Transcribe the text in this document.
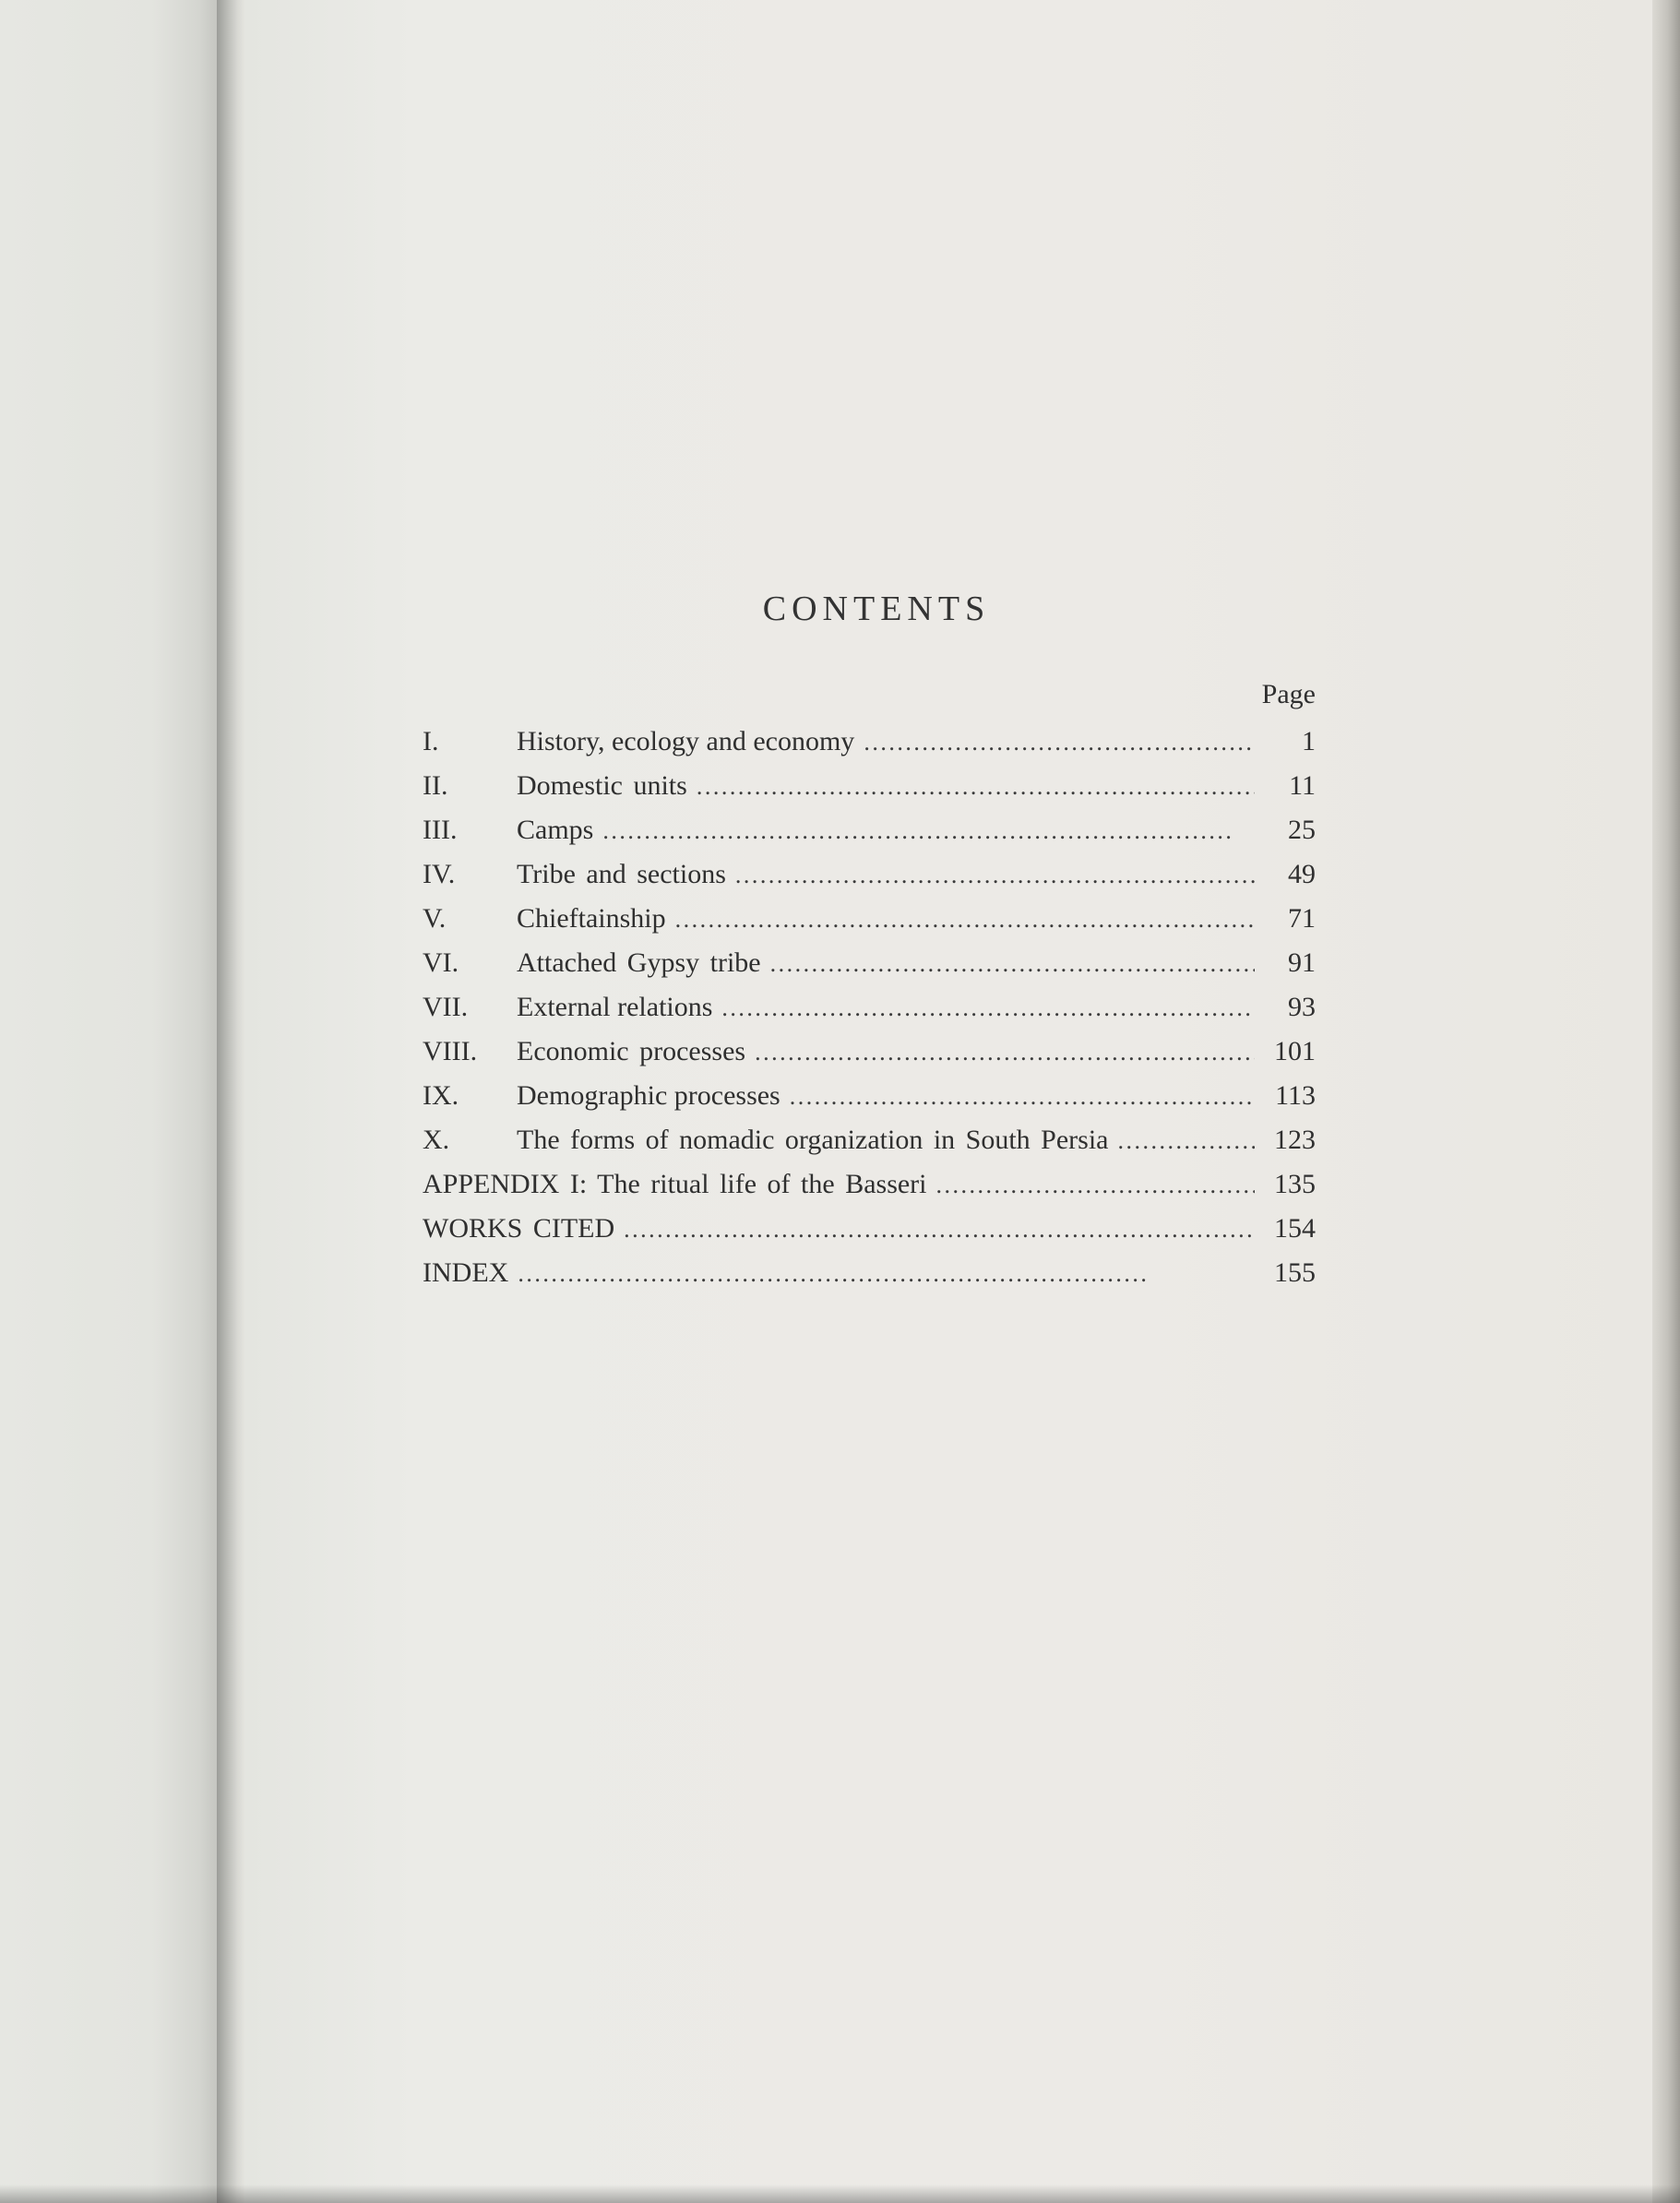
CONTENTS
Page
I.	History, ecology and economy . . .	1
II.	Domestic units . . .	11
III.	Camps . . .	25
IV.	Tribe and sections . . .	49
V.	Chieftainship . . .	71
VI.	Attached Gypsy tribe . . .	91
VII.	External relations . . .	93
VIII.	Economic processes . . .	101
IX.	Demographic processes . . .	113
X.	The forms of nomadic organization in South Persia . . .	123
APPENDIX I: The ritual life of the Basseri . . .	135
WORKS CITED . . .	154
INDEX . . .	155
